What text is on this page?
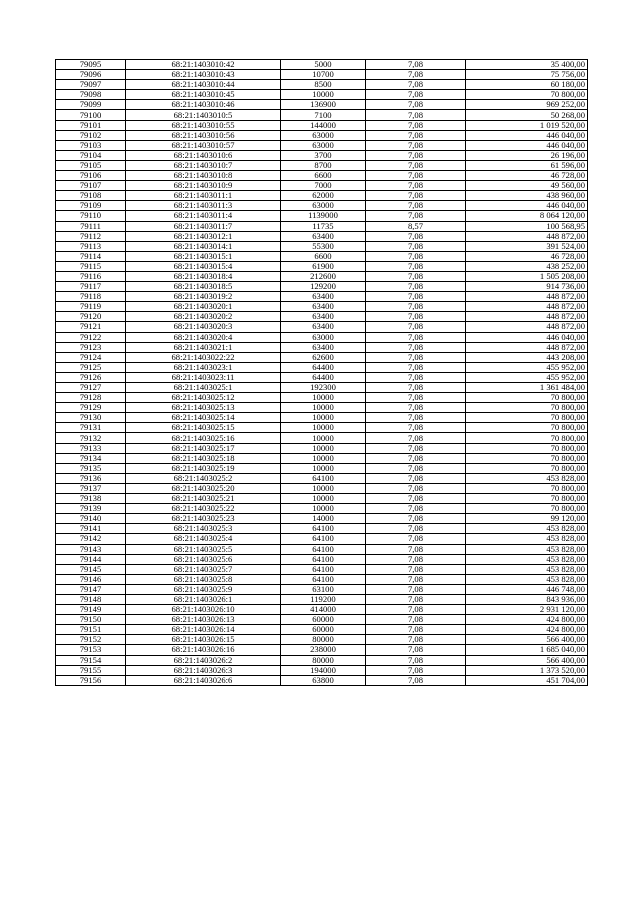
79095	68:21:1403010:42	5000	7,08	35 400,00
79096	68:21:1403010:43	10700	7,08	75 756,00
79097	68:21:1403010:44	8500	7,08	60 180,00
79098	68:21:1403010:45	10000	7,08	70 800,00
79099	68:21:1403010:46	136900	7,08	969 252,00
79100	68:21:1403010:5	7100	7,08	50 268,00
79101	68:21:1403010:55	144000	7,08	1 019 520,00
79102	68:21:1403010:56	63000	7,08	446 040,00
79103	68:21:1403010:57	63000	7,08	446 040,00
79104	68:21:1403010:6	3700	7,08	26 196,00
79105	68:21:1403010:7	8700	7,08	61 596,00
79106	68:21:1403010:8	6600	7,08	46 728,00
79107	68:21:1403010:9	7000	7,08	49 560,00
79108	68:21:1403011:1	62000	7,08	438 960,00
79109	68:21:1403011:3	63000	7,08	446 040,00
79110	68:21:1403011:4	1139000	7,08	8 064 120,00
79111	68:21:1403011:7	11735	8,57	100 568,95
79112	68:21:1403012:1	63400	7,08	448 872,00
79113	68:21:1403014:1	55300	7,08	391 524,00
79114	68:21:1403015:1	6600	7,08	46 728,00
79115	68:21:1403015:4	61900	7,08	438 252,00
79116	68:21:1403018:4	212600	7,08	1 505 208,00
79117	68:21:1403018:5	129200	7,08	914 736,00
79118	68:21:1403019:2	63400	7,08	448 872,00
79119	68:21:1403020:1	63400	7,08	448 872,00
79120	68:21:1403020:2	63400	7,08	448 872,00
79121	68:21:1403020:3	63400	7,08	448 872,00
79122	68:21:1403020:4	63000	7,08	446 040,00
79123	68:21:1403021:1	63400	7,08	448 872,00
79124	68:21:1403022:22	62600	7,08	443 208,00
79125	68:21:1403023:1	64400	7,08	455 952,00
79126	68:21:1403023:11	64400	7,08	455 952,00
79127	68:21:1403025:1	192300	7,08	1 361 484,00
79128	68:21:1403025:12	10000	7,08	70 800,00
79129	68:21:1403025:13	10000	7,08	70 800,00
79130	68:21:1403025:14	10000	7,08	70 800,00
79131	68:21:1403025:15	10000	7,08	70 800,00
79132	68:21:1403025:16	10000	7,08	70 800,00
79133	68:21:1403025:17	10000	7,08	70 800,00
79134	68:21:1403025:18	10000	7,08	70 800,00
79135	68:21:1403025:19	10000	7,08	70 800,00
79136	68:21:1403025:2	64100	7,08	453 828,00
79137	68:21:1403025:20	10000	7,08	70 800,00
79138	68:21:1403025:21	10000	7,08	70 800,00
79139	68:21:1403025:22	10000	7,08	70 800,00
79140	68:21:1403025:23	14000	7,08	99 120,00
79141	68:21:1403025:3	64100	7,08	453 828,00
79142	68:21:1403025:4	64100	7,08	453 828,00
79143	68:21:1403025:5	64100	7,08	453 828,00
79144	68:21:1403025:6	64100	7,08	453 828,00
79145	68:21:1403025:7	64100	7,08	453 828,00
79146	68:21:1403025:8	64100	7,08	453 828,00
79147	68:21:1403025:9	63100	7,08	446 748,00
79148	68:21:1403026:1	119200	7,08	843 936,00
79149	68:21:1403026:10	414000	7,08	2 931 120,00
79150	68:21:1403026:13	60000	7,08	424 800,00
79151	68:21:1403026:14	60000	7,08	424 800,00
79152	68:21:1403026:15	80000	7,08	566 400,00
79153	68:21:1403026:16	238000	7,08	1 685 040,00
79154	68:21:1403026:2	80000	7,08	566 400,00
79155	68:21:1403026:3	194000	7,08	1 373 520,00
79156	68:21:1403026:6	63800	7,08	451 704,00
